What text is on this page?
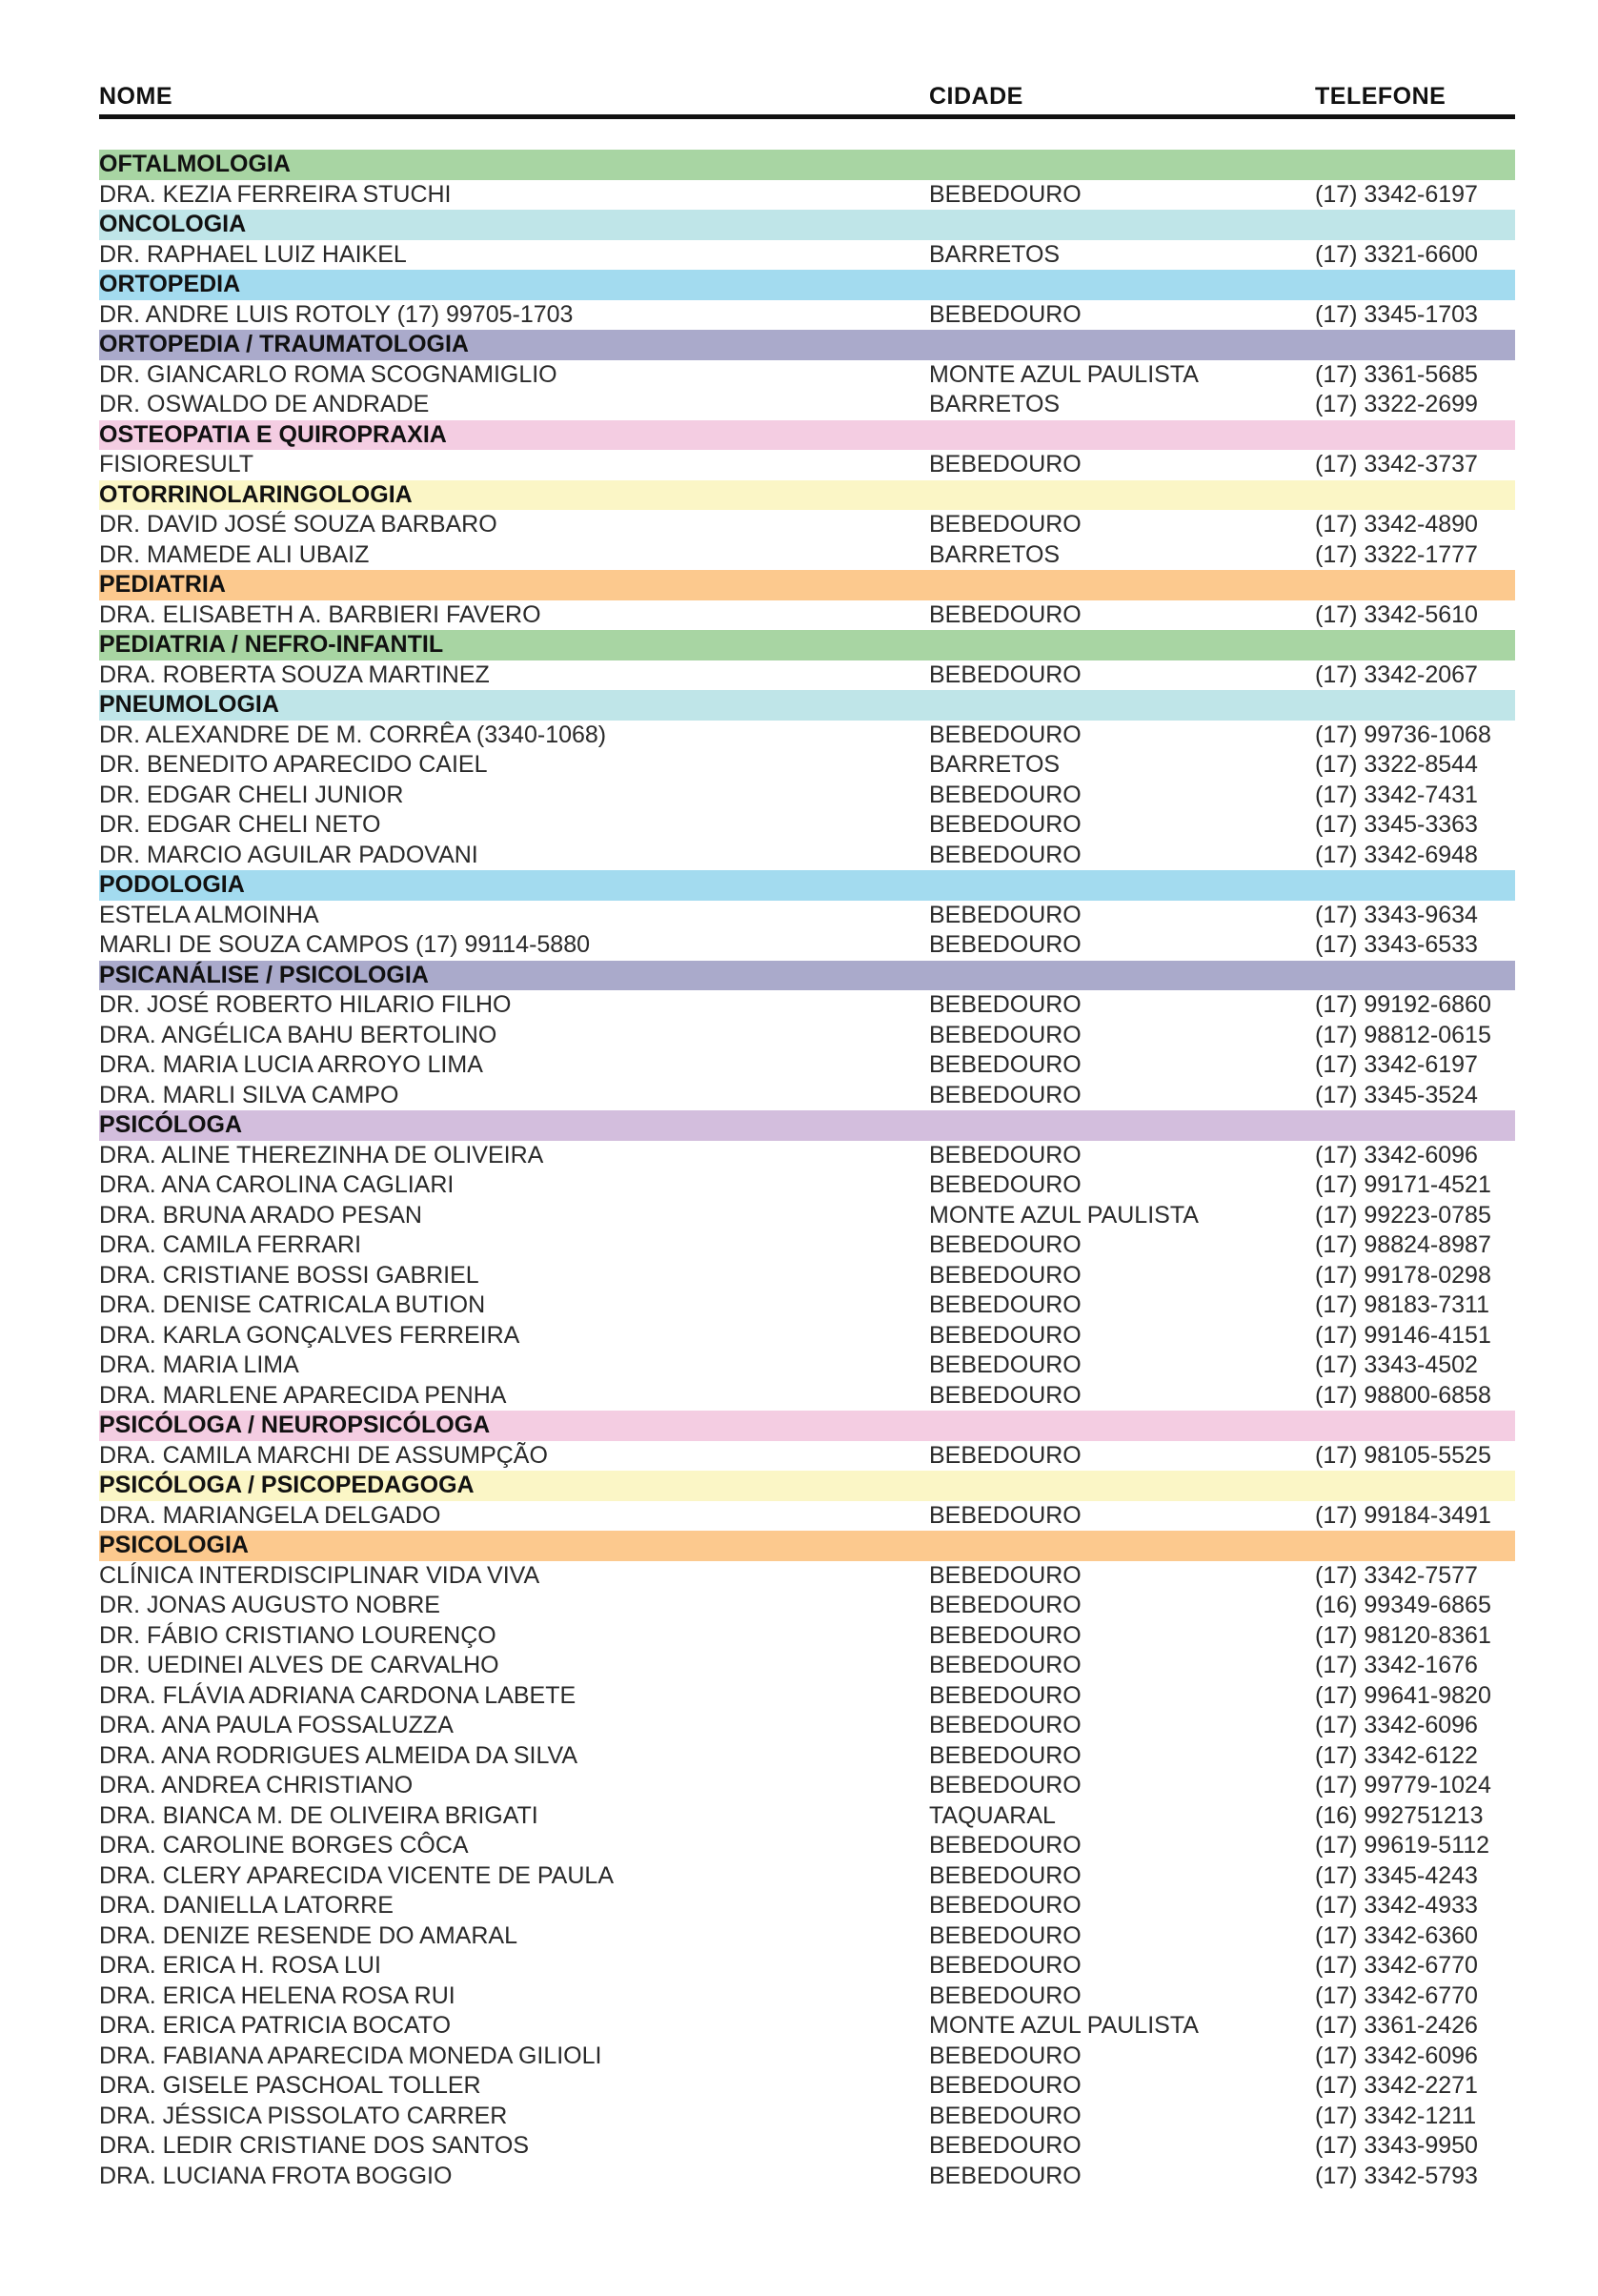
NOME	CIDADE	TELEFONE
OFTALMOLOGIA
DRA. KEZIA FERREIRA STUCHI	BEBEDOURO	(17) 3342-6197
ONCOLOGIA
DR. RAPHAEL LUIZ HAIKEL	BARRETOS	(17) 3321-6600
ORTOPEDIA
DR. ANDRE LUIS ROTOLY (17) 99705-1703	BEBEDOURO	(17) 3345-1703
ORTOPEDIA / TRAUMATOLOGIA
DR. GIANCARLO ROMA SCOGNAMIGLIO	MONTE AZUL PAULISTA	(17) 3361-5685
DR. OSWALDO DE ANDRADE	BARRETOS	(17) 3322-2699
OSTEOPATIA E QUIROPRAXIA
FISIORESULT	BEBEDOURO	(17) 3342-3737
OTORRINOLARINGOLOGIA
DR. DAVID JOSÉ SOUZA BARBARO	BEBEDOURO	(17) 3342-4890
DR. MAMEDE ALI UBAIZ	BARRETOS	(17) 3322-1777
PEDIATRIA
DRA. ELISABETH A. BARBIERI FAVERO	BEBEDOURO	(17) 3342-5610
PEDIATRIA / NEFRO-INFANTIL
DRA. ROBERTA SOUZA MARTINEZ	BEBEDOURO	(17) 3342-2067
PNEUMOLOGIA
DR. ALEXANDRE DE M. CORRÊA (3340-1068)	BEBEDOURO	(17) 99736-1068
DR. BENEDITO APARECIDO CAIEL	BARRETOS	(17) 3322-8544
DR. EDGAR CHELI JUNIOR	BEBEDOURO	(17) 3342-7431
DR. EDGAR CHELI NETO	BEBEDOURO	(17) 3345-3363
DR. MARCIO AGUILAR PADOVANI	BEBEDOURO	(17) 3342-6948
PODOLOGIA
ESTELA ALMOINHA	BEBEDOURO	(17) 3343-9634
MARLI DE SOUZA CAMPOS (17) 99114-5880	BEBEDOURO	(17) 3343-6533
PSICANÁLISE / PSICOLOGIA
DR. JOSÉ ROBERTO HILARIO FILHO	BEBEDOURO	(17) 99192-6860
DRA. ANGÉLICA BAHU BERTOLINO	BEBEDOURO	(17) 98812-0615
DRA. MARIA LUCIA ARROYO LIMA	BEBEDOURO	(17) 3342-6197
DRA. MARLI SILVA CAMPO	BEBEDOURO	(17) 3345-3524
PSICÓLOGA
DRA. ALINE THEREZINHA DE OLIVEIRA	BEBEDOURO	(17) 3342-6096
DRA. ANA CAROLINA CAGLIARI	BEBEDOURO	(17) 99171-4521
DRA. BRUNA ARADO PESAN	MONTE AZUL PAULISTA	(17) 99223-0785
DRA. CAMILA FERRARI	BEBEDOURO	(17) 98824-8987
DRA. CRISTIANE BOSSI GABRIEL	BEBEDOURO	(17) 99178-0298
DRA. DENISE CATRICALA BUTION	BEBEDOURO	(17) 98183-7311
DRA. KARLA GONÇALVES FERREIRA	BEBEDOURO	(17) 99146-4151
DRA. MARIA LIMA	BEBEDOURO	(17) 3343-4502
DRA. MARLENE APARECIDA PENHA	BEBEDOURO	(17) 98800-6858
PSICÓLOGA / NEUROPSICÓLOGA
DRA. CAMILA MARCHI DE ASSUMPÇÃO	BEBEDOURO	(17) 98105-5525
PSICÓLOGA / PSICOPEDAGOGA
DRA. MARIANGELA DELGADO	BEBEDOURO	(17) 99184-3491
PSICOLOGIA
CLÍNICA INTERDISCIPLINAR VIDA VIVA	BEBEDOURO	(17) 3342-7577
DR. JONAS AUGUSTO NOBRE	BEBEDOURO	(16) 99349-6865
DR. FÁBIO CRISTIANO LOURENÇO	BEBEDOURO	(17) 98120-8361
DR. UEDINEI ALVES DE CARVALHO	BEBEDOURO	(17) 3342-1676
DRA. FLÁVIA ADRIANA CARDONA LABETE	BEBEDOURO	(17) 99641-9820
DRA. ANA PAULA FOSSALUZZA	BEBEDOURO	(17) 3342-6096
DRA. ANA RODRIGUES ALMEIDA DA SILVA	BEBEDOURO	(17) 3342-6122
DRA. ANDREA CHRISTIANO	BEBEDOURO	(17) 99779-1024
DRA. BIANCA M. DE OLIVEIRA BRIGATI	TAQUARAL	(16) 992751213
DRA. CAROLINE BORGES CÔCA	BEBEDOURO	(17) 99619-5112
DRA. CLERY APARECIDA VICENTE DE PAULA	BEBEDOURO	(17) 3345-4243
DRA. DANIELLA LATORRE	BEBEDOURO	(17) 3342-4933
DRA. DENIZE RESENDE DO AMARAL	BEBEDOURO	(17) 3342-6360
DRA. ERICA H. ROSA LUI	BEBEDOURO	(17) 3342-6770
DRA. ERICA HELENA ROSA RUI	BEBEDOURO	(17) 3342-6770
DRA. ERICA PATRICIA BOCATO	MONTE AZUL PAULISTA	(17) 3361-2426
DRA. FABIANA APARECIDA MONEDA GILIOLI	BEBEDOURO	(17) 3342-6096
DRA. GISELE PASCHOAL TOLLER	BEBEDOURO	(17) 3342-2271
DRA. JÉSSICA PISSOLATO CARRER	BEBEDOURO	(17) 3342-1211
DRA. LEDIR CRISTIANE DOS SANTOS	BEBEDOURO	(17) 3343-9950
DRA. LUCIANA FROTA BOGGIO	BEBEDOURO	(17) 3342-5793
